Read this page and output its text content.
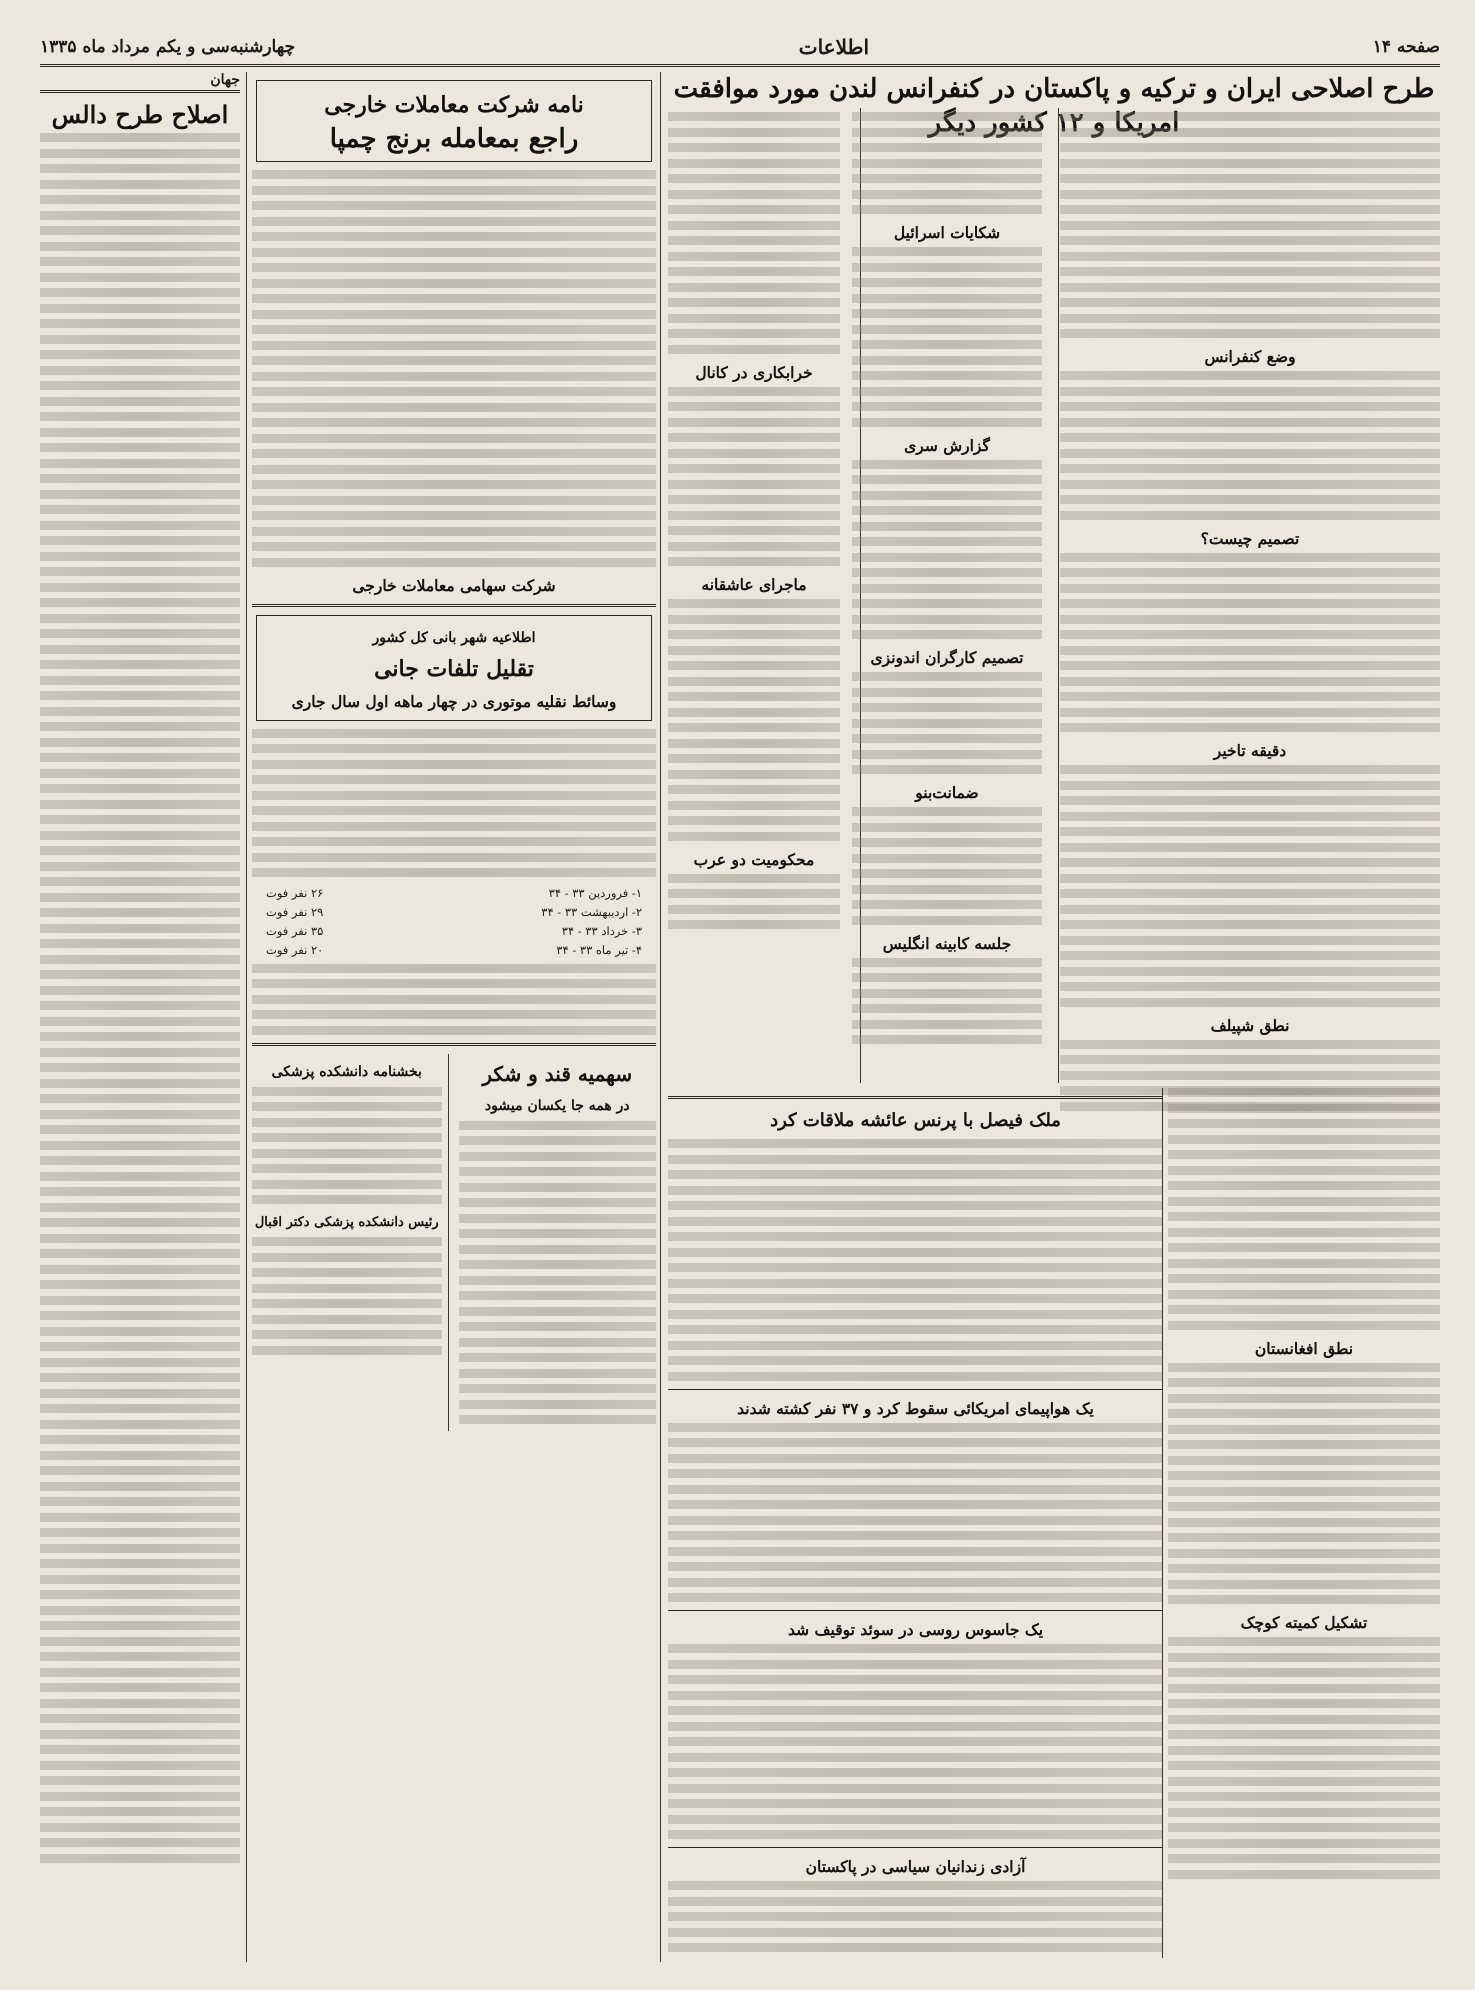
صفحه ۱۴
اطلاعات
چهارشنبه‌سی و یکم مرداد ماه ۱۳۳۵
طرح اصلاحی ایران و ترکیه و پاکستان در کنفرانس لندن مورد موافقت امریکا و ۱۲ کشور دیگر
وضع کنفرانس
تصمیم چیست؟
دقیقه تاخیر
نطق شپیلف
شکایات اسرائیل
گزارش سری
تصمیم کارگران اندونزی
ضمانت‌بنو
جلسه کابینه انگلیس
خرابکاری در کانال
ماجرای عاشقانه
محکومیت دو عرب
ملک فیصل با پرنس عائشه ملاقات کرد
یک هواپیمای امریکائی سقوط کرد و ۳۷ نفر کشته شدند
یک جاسوس روسی در سوئد توقیف شد
آزادی زندانیان سیاسی در پاکستان
نطق افغانستان
تشکیل کمیته کوچک
نامه شرکت معاملات خارجی
راجع بمعامله برنج چمپا
شرکت سهامی معاملات خارجی
اطلاعیه شهر بانی کل کشور
تقلیل تلفات جانی
وسائط نقلیه موتوری در چهار ماهه اول سال جاری
۱- فروردین ۳۳ - ۳۴
۲۶ نفر فوت
۲- اردیبهشت ۳۳ - ۳۴
۲۹ نفر فوت
۳- خرداد ۳۳ - ۳۴
۳۵ نفر فوت
۴- تیر ماه ۳۳ - ۳۴
۲۰ نفر فوت
سهمیه قند و شکر
در همه جا یکسان میشود
بخشنامه دانشکده پزشکی
رئیس دانشکده پزشکی دکتر اقبال
جهان
اصلاح طرح دالس
